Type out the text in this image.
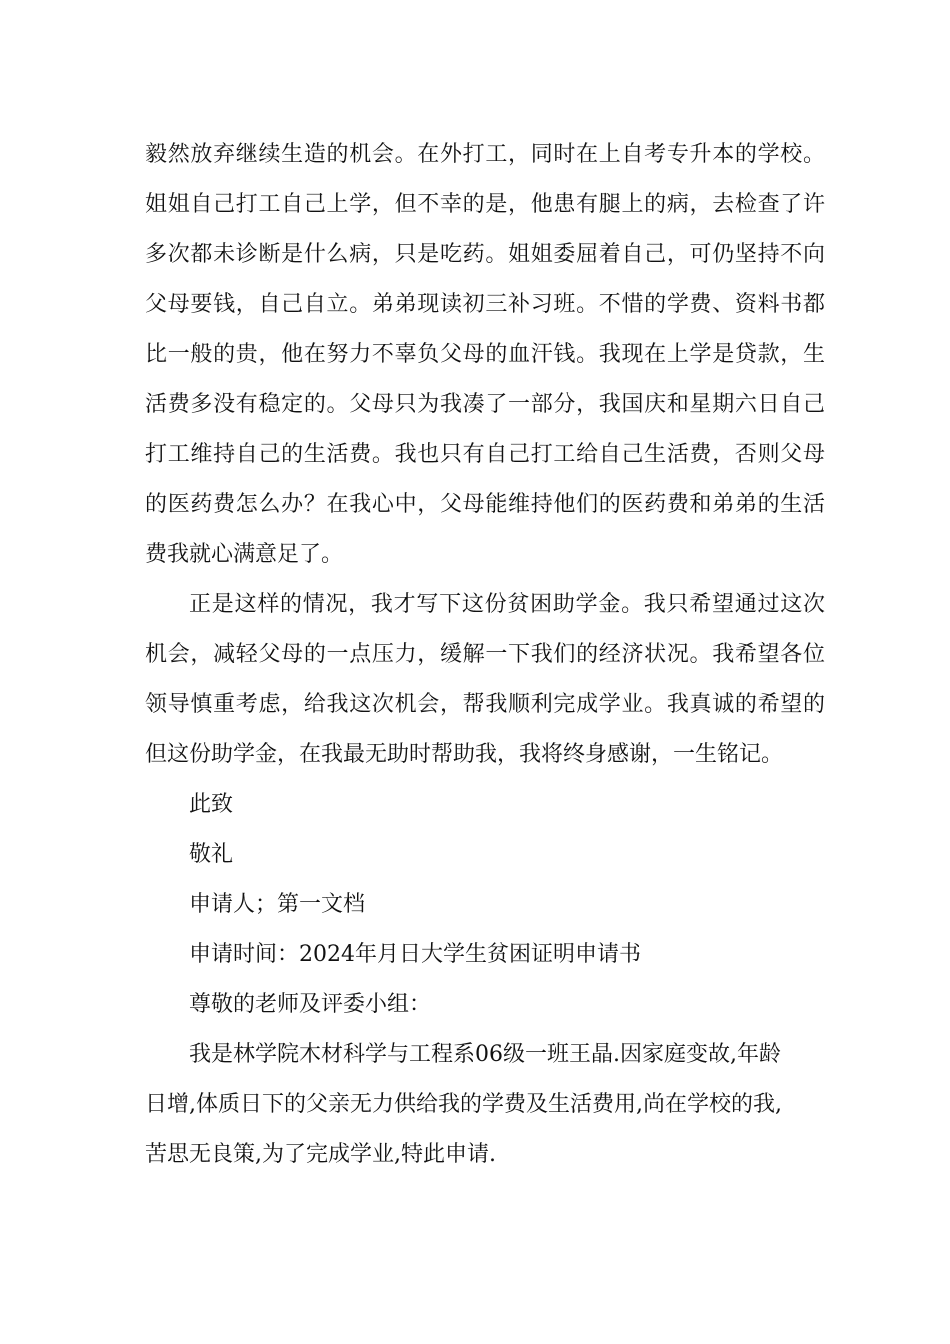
毅然放弃继续生造的机会。在外打工，同时在上自考专升本的学校。姐姐自己打工自己上学，但不幸的是，他患有腿上的病，去检查了许多次都未诊断是什么病，只是吃药。姐姐委屈着自己，可仍坚持不向父母要钱，自己自立。弟弟现读初三补习班。不惜的学费、资料书都比一般的贵，他在努力不辜负父母的血汗钱。我现在上学是贷款，生活费多没有稳定的。父母只为我凑了一部分，我国庆和星期六日自己打工维持自己的生活费。我也只有自己打工给自己生活费，否则父母的医药费怎么办？在我心中，父母能维持他们的医药费和弟弟的生活费我就心满意足了。

正是这样的情况，我才写下这份贫困助学金。我只希望通过这次机会，减轻父母的一点压力，缓解一下我们的经济状况。我希望各位领导慎重考虑，给我这次机会，帮我顺利完成学业。我真诚的希望的但这份助学金，在我最无助时帮助我，我将终身感谢，一生铭记。

此致
敬礼
申请人；第一文档
申请时间：2024年月日大学生贫困证明申请书
尊敬的老师及评委小组：
我是林学院木材科学与工程系06级一班王晶.因家庭变故,年龄
日增,体质日下的父亲无力供给我的学费及生活费用,尚在学校的我,
苦思无良策,为了完成学业,特此申请.
